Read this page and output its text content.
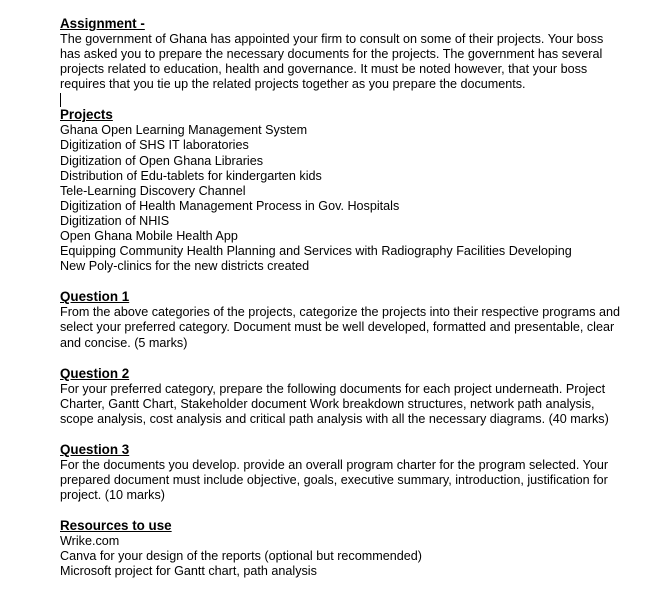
Assignment -

The government of Ghana has appointed your firm to consult on some of their projects. Your boss has asked you to prepare the necessary documents for the projects. The government has several projects related to education, health and governance. It must be noted however, that your boss requires that you tie up the related projects together as you prepare the documents.

Projects
Ghana Open Learning Management System
Digitization of SHS IT laboratories
Digitization of Open Ghana Libraries
Distribution of Edu-tablets for kindergarten kids
Tele-Learning Discovery Channel
Digitization of Health Management Process in Gov. Hospitals
Digitization of NHIS
Open Ghana Mobile Health App
Equipping Community Health Planning and Services with Radiography Facilities Developing
New Poly-clinics for the new districts created
Question 1

From the above categories of the projects, categorize the projects into their respective programs and select your preferred category. Document must be well developed, formatted and presentable, clear and concise. (5 marks)

Question 2

For your preferred category, prepare the following documents for each project underneath. Project Charter, Gantt Chart, Stakeholder document Work breakdown structures, network path analysis, scope analysis, cost analysis and critical path analysis with all the necessary diagrams. (40 marks)

Question 3

For the documents you develop. provide an overall program charter for the program selected. Your prepared document must include objective, goals, executive summary, introduction, justification for project. (10 marks)

Resources to use
Wrike.com
Canva for your design of the reports (optional but recommended)
Microsoft project for Gantt chart, path analysis
